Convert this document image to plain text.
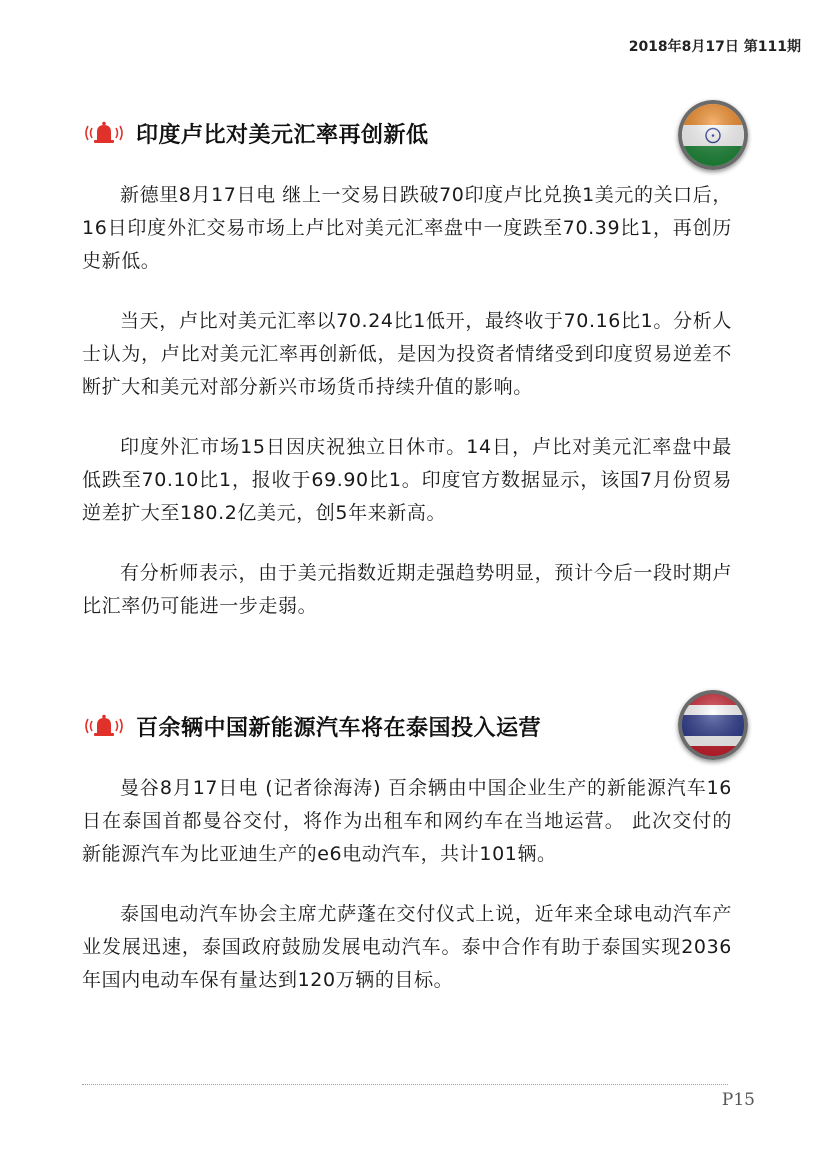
2018年8月17日 第111期
印度卢比对美元汇率再创新低

新德里8月17日电 继上一交易日跌破70印度卢比兑换1美元的关口后，16日印度外汇交易市场上卢比对美元汇率盘中一度跌至70.39比1，再创历史新低。

当天，卢比对美元汇率以70.24比1低开，最终收于70.16比1。分析人士认为，卢比对美元汇率再创新低，是因为投资者情绪受到印度贸易逆差不断扩大和美元对部分新兴市场货币持续升值的影响。

印度外汇市场15日因庆祝独立日休市。14日，卢比对美元汇率盘中最低跌至70.10比1，报收于69.90比1。印度官方数据显示，该国7月份贸易逆差扩大至180.2亿美元，创5年来新高。

有分析师表示，由于美元指数近期走强趋势明显，预计今后一段时期卢比汇率仍可能进一步走弱。

百余辆中国新能源汽车将在泰国投入运营

曼谷8月17日电 (记者徐海涛) 百余辆由中国企业生产的新能源汽车16日在泰国首都曼谷交付，将作为出租车和网约车在当地运营。 此次交付的新能源汽车为比亚迪生产的e6电动汽车，共计101辆。

泰国电动汽车协会主席尤萨蓬在交付仪式上说，近年来全球电动汽车产业发展迅速，泰国政府鼓励发展电动汽车。泰中合作有助于泰国实现2036年国内电动车保有量达到120万辆的目标。

P15
